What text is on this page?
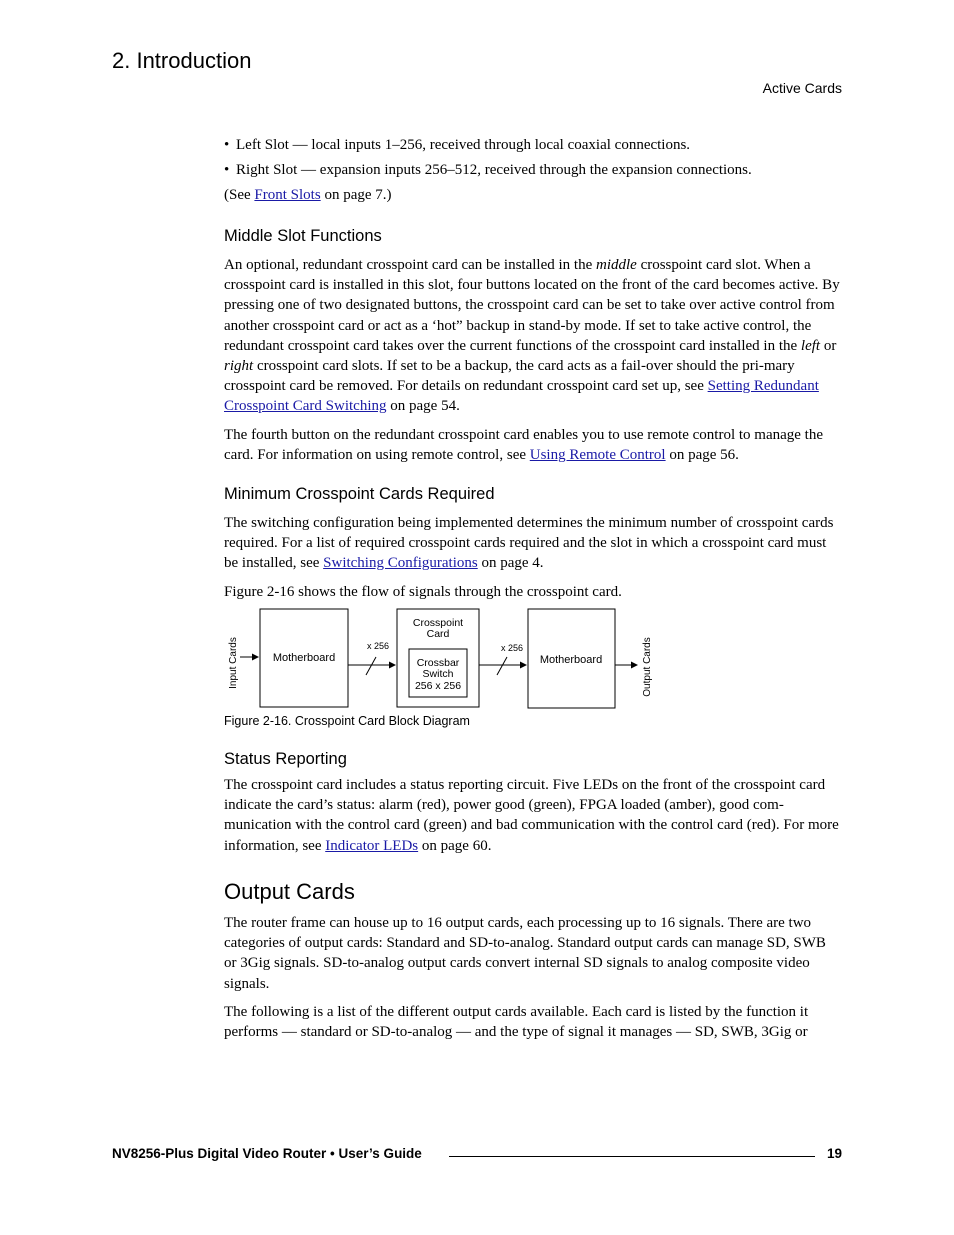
2. Introduction
Active Cards
• Left Slot — local inputs 1–256, received through local coaxial connections.
• Right Slot — expansion inputs 256–512, received through the expansion connections.

(See Front Slots on page 7.)

Middle Slot Functions

An optional, redundant crosspoint card can be installed in the middle crosspoint card slot. When a crosspoint card is installed in this slot, four buttons located on the front of the card becomes active. By pressing one of two designated buttons, the crosspoint card can be set to take over active control from another crosspoint card or act as a ‘hot” backup in stand-by mode. If set to take active control, the redundant crosspoint card takes over the current functions of the crosspoint card installed in the left or right crosspoint card slots. If set to be a backup, the card acts as a fail-over should the pri-mary crosspoint card be removed. For details on redundant crosspoint card set up, see Setting Redundant Crosspoint Card Switching on page 54.

The fourth button on the redundant crosspoint card enables you to use remote control to manage the card. For information on using remote control, see Using Remote Control on page 56.

Minimum Crosspoint Cards Required

The switching configuration being implemented determines the minimum number of crosspoint cards required. For a list of required crosspoint cards required and the slot in which a crosspoint card must be installed, see Switching Configurations on page 4.

Figure 2-16 shows the flow of signals through the crosspoint card.

Input Cards	Motherboard
x 256
Crosspoint
Card
Crossbar
Switch
256 x 256
x 256
Motherboard	Output Cards
Figure 2-16. Crosspoint Card Block Diagram
Status Reporting

The crosspoint card includes a status reporting circuit. Five LEDs on the front of the crosspoint card indicate the card’s status: alarm (red), power good (green), FPGA loaded (amber), good com-munication with the control card (green) and bad communication with the control card (red). For more information, see Indicator LEDs on page 60.

Output Cards

The router frame can house up to 16 output cards, each processing up to 16 signals. There are two categories of output cards: Standard and SD-to-analog. Standard output cards can manage SD, SWB or 3Gig signals. SD-to-analog output cards convert internal SD signals to analog composite video signals.

The following is a list of the different output cards available. Each card is listed by the function it performs — standard or SD-to-analog — and the type of signal it manages — SD, SWB, 3Gig or

NV8256-Plus Digital Video Router • User’s Guide	19
